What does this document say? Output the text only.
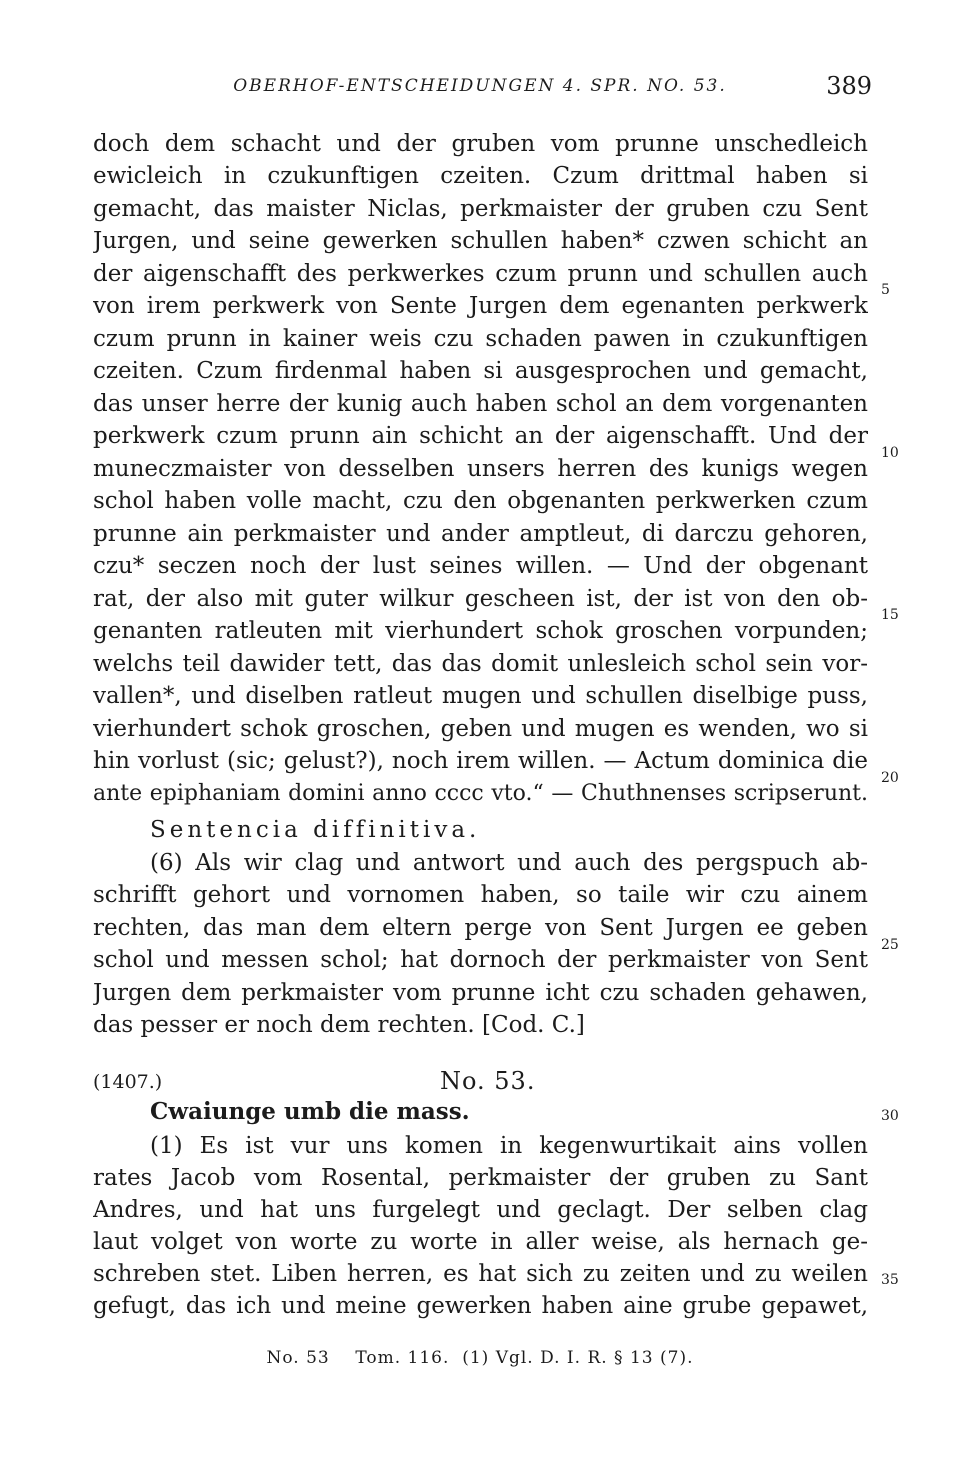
OBERHOF-ENTSCHEIDUNGEN 4. SPR. NO. 53.	389
doch dem schacht und der gruben vom prunne unschedleich
ewicleich in czukunftigen czeiten. Czum drittmal haben si
gemacht, das maister Niclas, perkmaister der gruben czu Sent
Jurgen, und seine gewerken schullen haben* czwen schicht an
der aigenschafft des perkwerkes czum prunn und schullen auch
von irem perkwerk von Sente Jurgen dem egenanten perkwerk
czum prunn in kainer weis czu schaden pawen in czukunftigen
czeiten. Czum firdenmal haben si ausgesprochen und gemacht,
das unser herre der kunig auch haben schol an dem vorgenanten
perkwerk czum prunn ain schicht an der aigenschafft. Und der
muneczmaister von desselben unsers herren des kunigs wegen
schol haben volle macht, czu den obgenanten perkwerken czum
prunne ain perkmaister und ander amptleut, di darczu gehoren,
czu* seczen noch der lust seines willen. — Und der obgenant
rat, der also mit guter wilkur gescheen ist, der ist von den ob-
genanten ratleuten mit vierhundert schok groschen vorpunden;
welchs teil dawider tett, das das domit unlesleich schol sein vor-
vallen*, und diselben ratleut mugen und schullen diselbige puss,
vierhundert schok groschen, geben und mugen es wenden, wo si
hin vorlust (sic; gelust?), noch irem willen. — Actum dominica die
ante epiphaniam domini anno cccc vto.“ — Chuthnenses scripserunt.
Sentencia diffinitiva.
(6) Als wir clag und antwort und auch des pergspuch ab-
schrifft gehort und vornomen haben, so taile wir czu ainem
rechten, das man dem eltern perge von Sent Jurgen ee geben
schol und messen schol; hat dornoch der perkmaister von Sent
Jurgen dem perkmaister vom prunne icht czu schaden gehawen,
das pesser er noch dem rechten. [Cod. C.]
(1407.)	No. 53.
Cwaiunge umb die mass.
(1) Es ist vur uns komen in kegenwurtikait ains vollen
rates Jacob vom Rosental, perkmaister der gruben zu Sant
Andres, und hat uns furgelegt und geclagt. Der selben clag
laut volget von worte zu worte in aller weise, als hernach ge-
schreben stet. Liben herren, es hat sich zu zeiten und zu weilen
gefugt, das ich und meine gewerken haben aine grube gepawet,
5
10
15
20
25
30
35
No. 53    Tom. 116.  (1) Vgl. D. I. R. § 13 (7).
